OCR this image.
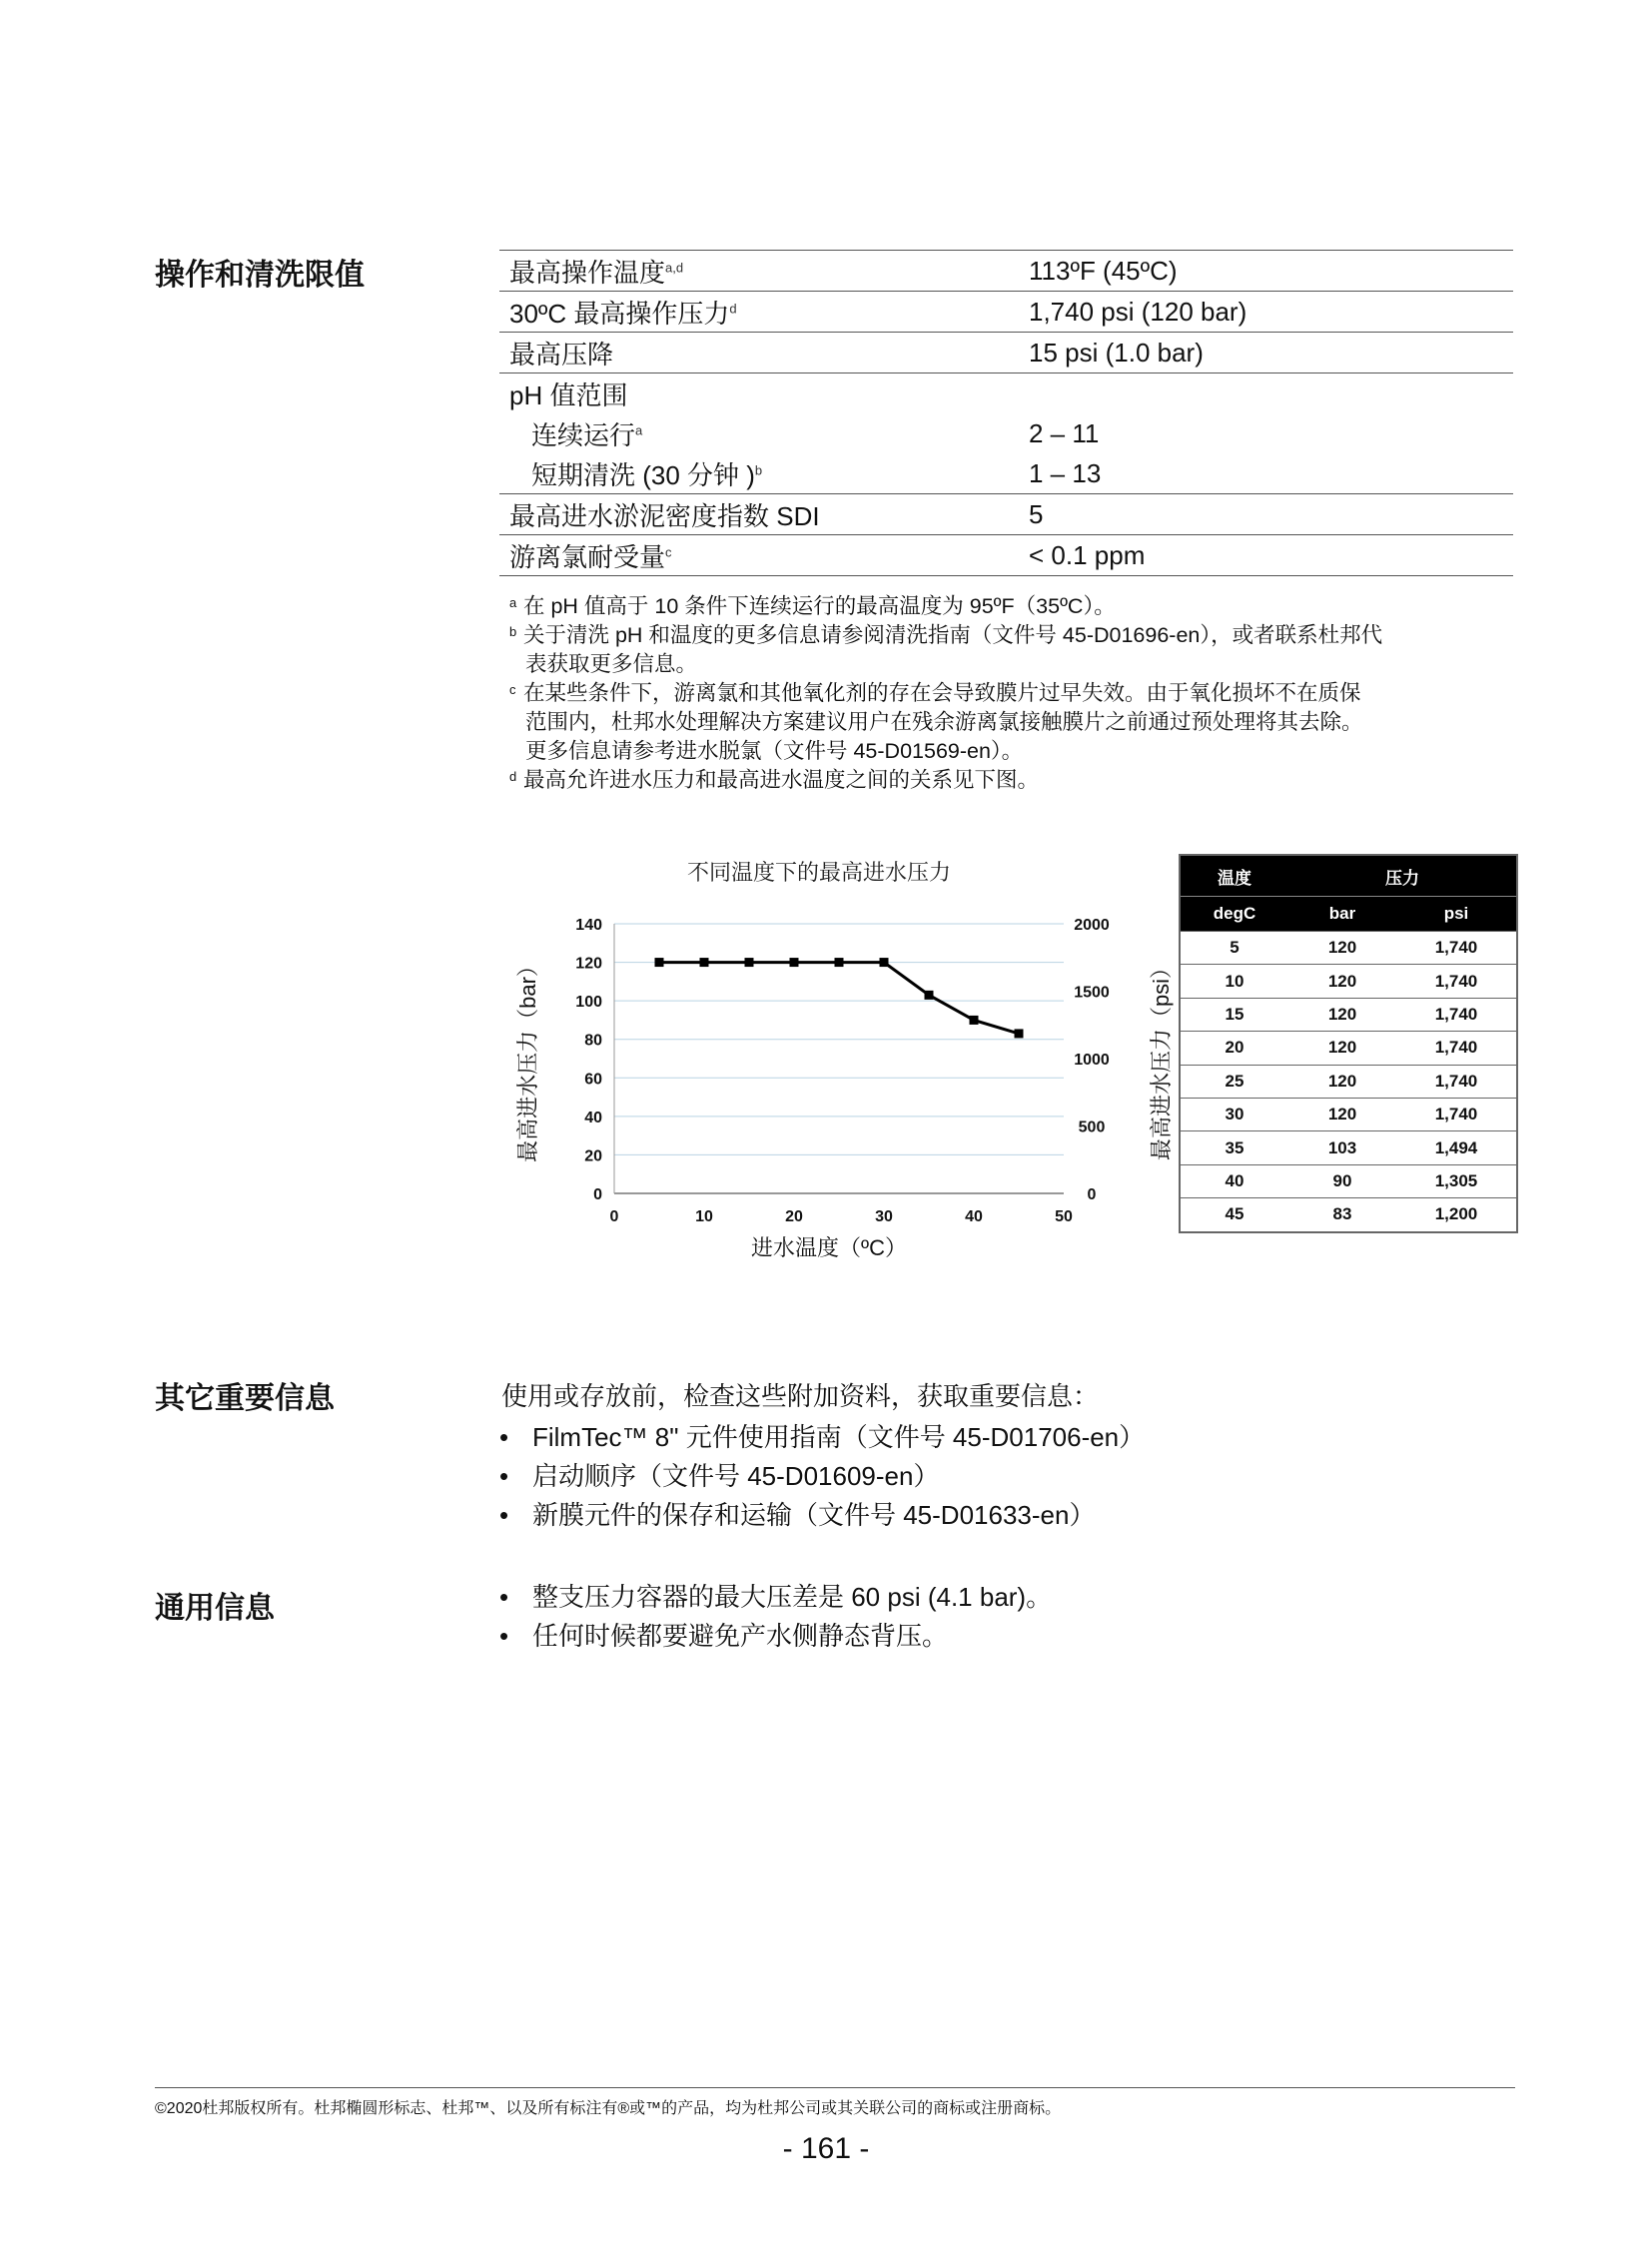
操作和清洗限值	最高操作温度$^{a,d}$	113ºF (45ºC)
30ºC 最高操作压力$^d$	1,740 psi (120 bar)
最高压降	15 psi (1.0 bar)
pH 值范围
连续运行$^a$	2 – 11
短期清洗 (30 分钟 )$^b$	1 – 13
最高进水淤泥密度指数 SDI	5
游离氯耐受量$^c$	< 0.1 ppm
a 在 pH 值高于 10 条件下连续运行的最高温度为 95ºF（35ºC）。
b 关于清洗 pH 和温度的更多信息请参阅清洗指南（文件号 45-D01696-en），或者联系杜邦代
表获取更多信息。
c 在某些条件下，游离氯和其他氧化剂的存在会导致膜片过早失效。由于氧化损坏不在质保
范围内，杜邦水处理解决方案建议用户在残余游离氯接触膜片之前通过预处理将其去除。
更多信息请参考进水脱氯（文件号 45-D01569-en）。
d 最高允许进水压力和最高进水温度之间的关系见下图。
不同温度下的最高进水压力
0
20
40
60
80
100
120
140
0
500
1000
1500
2000
0	10	20	30	40	50
进水温度（ºC）
最高进水压力（bar）	最高进水压力（psi）
温度	压力
degC	bar	psi
5	120	1,740
10	120	1,740
15	120	1,740
20	120	1,740
25	120	1,740
30	120	1,740
35	103	1,494
40	90	1,305
45	83	1,200
其它重要信息	使用或存放前，检查这些附加资料，获取重要信息：
• FilmTec™ 8" 元件使用指南（文件号 45-D01706-en）
• 启动顺序（文件号 45-D01609-en）
• 新膜元件的保存和运输（文件号 45-D01633-en）
通用信息	• 整支压力容器的最大压差是 60 psi (4.1 bar)。
• 任何时候都要避免产水侧静态背压。
©2020杜邦版权所有。杜邦椭圆形标志、杜邦™、以及所有标注有®或™的产品，均为杜邦公司或其关联公司的商标或注册商标。
- 161 -
